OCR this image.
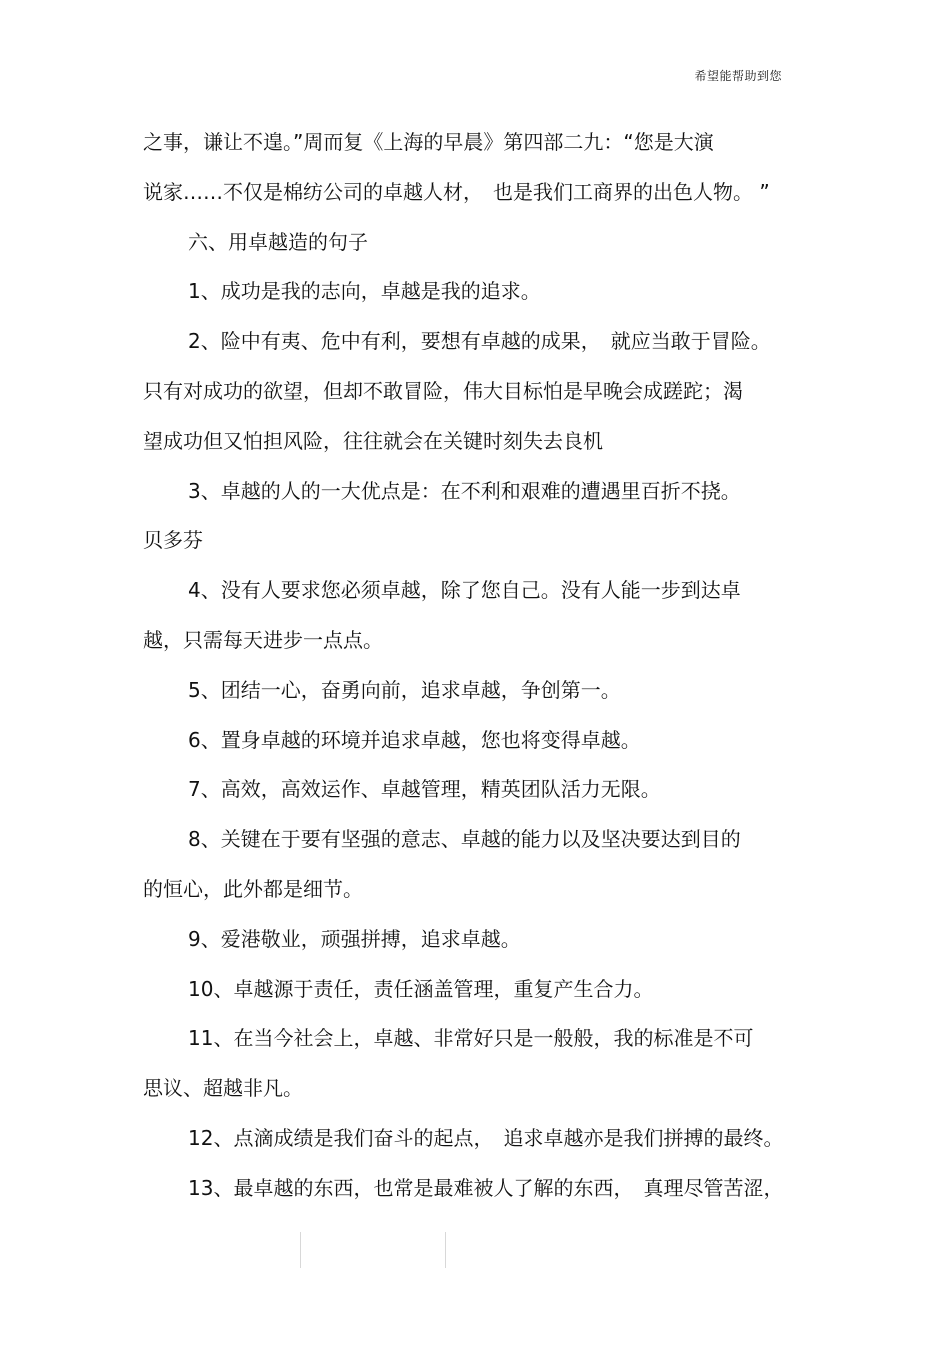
希望能帮助到您
之事，谦让不遑。”周而复《上海的早晨》第四部二九：“您是大演
说家……不仅是棉纺公司的卓越人材，　也是我们工商界的出色人物。 ”
六、用卓越造的句子
1、成功是我的志向，卓越是我的追求。
2、险中有夷、危中有利，要想有卓越的成果，　就应当敢于冒险。
只有对成功的欲望，但却不敢冒险，伟大目标怕是早晚会成蹉跎；渴
望成功但又怕担风险，往往就会在关键时刻失去良机
3、卓越的人的一大优点是：在不利和艰难的遭遇里百折不挠。
贝多芬
4、没有人要求您必须卓越，除了您自己。没有人能一步到达卓
越，只需每天进步一点点。
5、团结一心，奋勇向前，追求卓越，争创第一。
6、置身卓越的环境并追求卓越，您也将变得卓越。
7、高效，高效运作、卓越管理，精英团队活力无限。
8、关键在于要有坚强的意志、卓越的能力以及坚决要达到目的
的恒心，此外都是细节。
9、爱港敬业，顽强拼搏，追求卓越。
10、卓越源于责任，责任涵盖管理，重复产生合力。
11、在当今社会上，卓越、非常好只是一般般，我的标准是不可
思议、超越非凡。
12、点滴成绩是我们奋斗的起点，　追求卓越亦是我们拼搏的最终。
13、最卓越的东西，也常是最难被人了解的东西，　真理尽管苦涩，
